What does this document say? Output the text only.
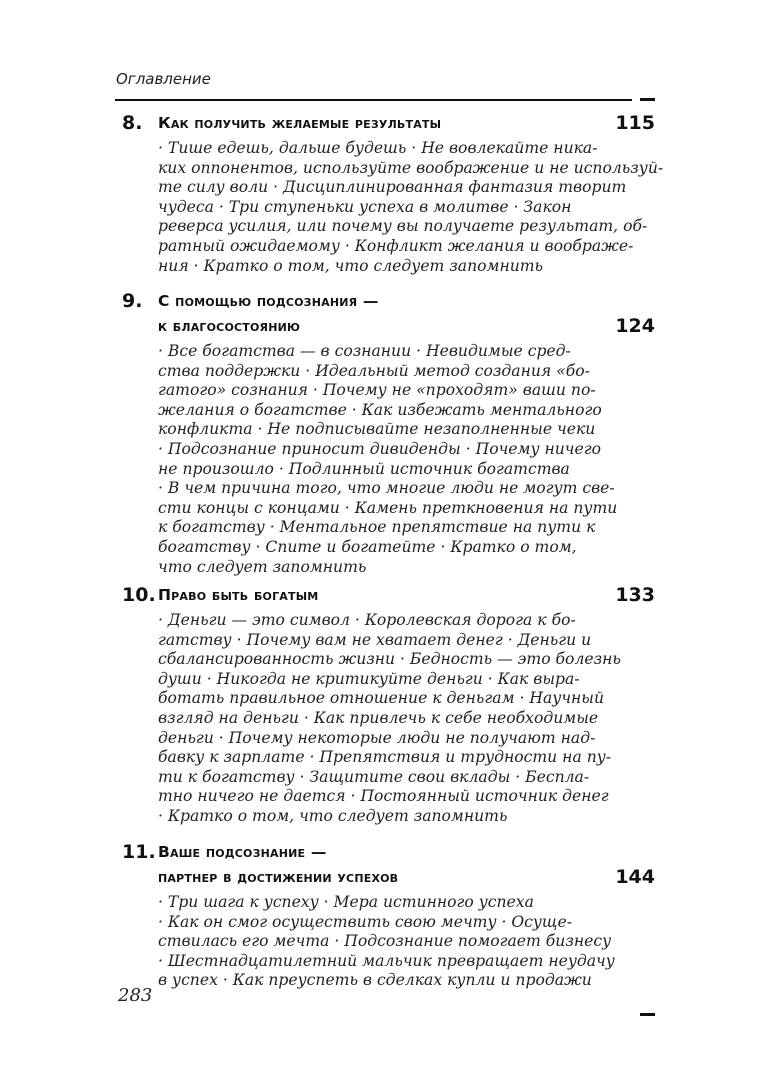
Оглавление
8. Как получить желаемые результаты	115
· Тише едешь, дальше будешь · Не вовлекайте ника-
ких оппонентов, используйте воображение и не используй-
те силу воли · Дисциплинированная фантазия творит
чудеса · Три ступеньки успеха в молитве · Закон
реверса усилия, или почему вы получаете результат, об-
ратный ожидаемому · Конфликт желания и воображе-
ния · Кратко о том, что следует запомнить
9. С помощью подсознания —
к благосостоянию	124
· Все богатства — в сознании · Невидимые сред-
ства поддержки · Идеальный метод создания «бо-
гатого» сознания · Почему не «проходят» ваши по-
желания о богатстве · Как избежать ментального
конфликта · Не подписывайте незаполненные чеки
· Подсознание приносит дивиденды · Почему ничего
не произошло · Подлинный источник богатства
· В чем причина того, что многие люди не могут све-
сти концы с концами · Камень преткновения на пути
к богатству · Ментальное препятствие на пути к
богатству · Спите и богатейте · Кратко о том,
что следует запомнить
10. Право быть богатым	133
· Деньги — это символ · Королевская дорога к бо-
гатству · Почему вам не хватает денег · Деньги и
сбалансированность жизни · Бедность — это болезнь
души · Никогда не критикуйте деньги · Как выра-
ботать правильное отношение к деньгам · Научный
взгляд на деньги · Как привлечь к себе необходимые
деньги · Почему некоторые люди не получают над-
бавку к зарплате · Препятствия и трудности на пу-
ти к богатству · Защитите свои вклады · Беспла-
тно ничего не дается · Постоянный источник денег
· Кратко о том, что следует запомнить
11. Ваше подсознание —
партнер в достижении успехов	144
· Три шага к успеху · Мера истинного успеха
· Как он смог осуществить свою мечту · Осуще-
ствилась его мечта · Подсознание помогает бизнесу
· Шестнадцатилетний мальчик превращает неудачу
в успех · Как преуспеть в сделках купли и продажи
283
